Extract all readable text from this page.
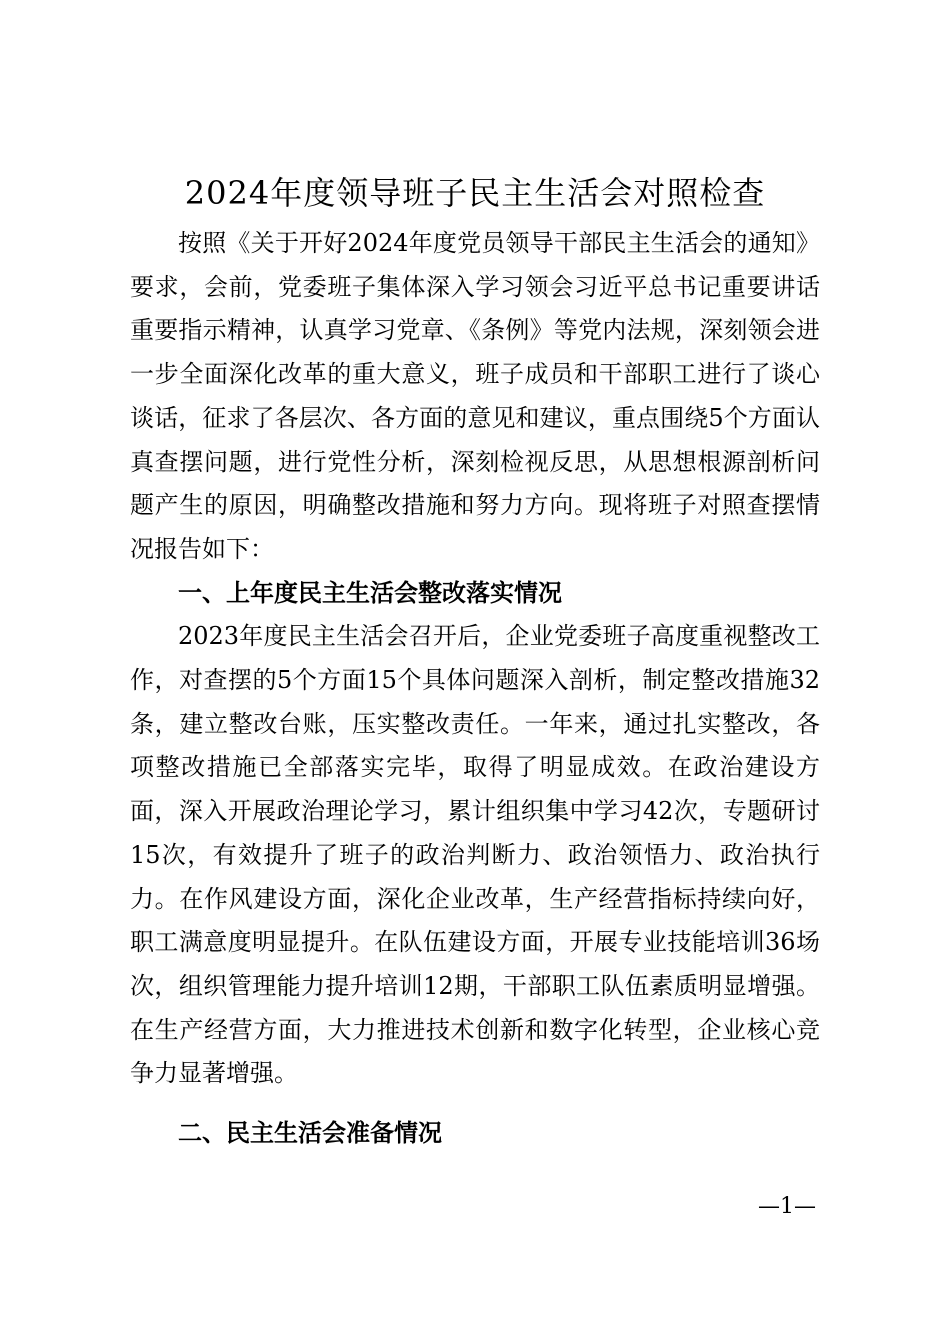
2024年度领导班子民主生活会对照检查

按照《关于开好2024年度党员领导干部民主生活会的通知》要求，会前，党委班子集体深入学习领会习近平总书记重要讲话重要指示精神，认真学习党章、《条例》等党内法规，深刻领会进一步全面深化改革的重大意义，班子成员和干部职工进行了谈心谈话，征求了各层次、各方面的意见和建议，重点围绕5个方面认真查摆问题，进行党性分析，深刻检视反思，从思想根源剖析问题产生的原因，明确整改措施和努力方向。现将班子对照查摆情况报告如下：

一、上年度民主生活会整改落实情况

2023年度民主生活会召开后，企业党委班子高度重视整改工作，对查摆的5个方面15个具体问题深入剖析，制定整改措施32条，建立整改台账，压实整改责任。一年来，通过扎实整改，各项整改措施已全部落实完毕，取得了明显成效。在政治建设方面，深入开展政治理论学习，累计组织集中学习42次，专题研讨15次，有效提升了班子的政治判断力、政治领悟力、政治执行力。在作风建设方面，深化企业改革，生产经营指标持续向好，职工满意度明显提升。在队伍建设方面，开展专业技能培训36场次，组织管理能力提升培训12期，干部职工队伍素质明显增强。在生产经营方面，大力推进技术创新和数字化转型，企业核心竞争力显著增强。

二、民主生活会准备情况

—1—
